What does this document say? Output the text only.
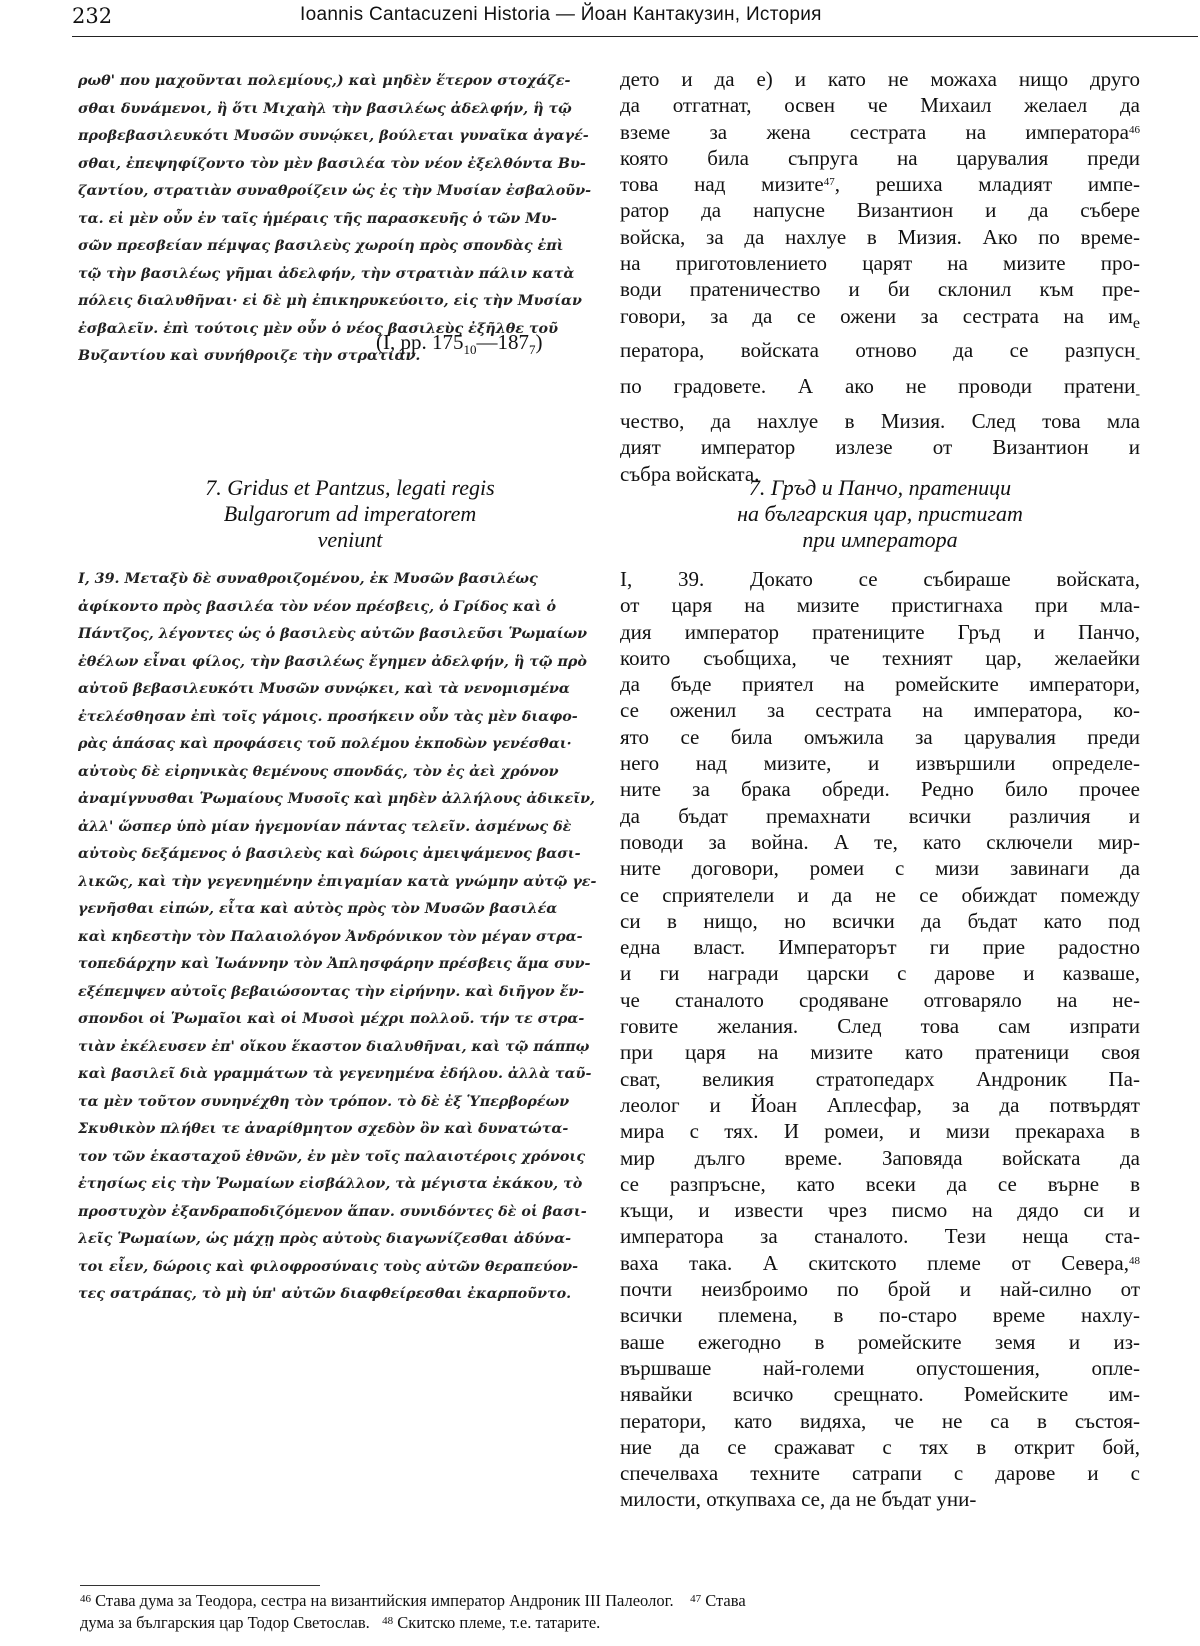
232	Ioannis Cantacuzeni Historia — Йоан Кантакузин, История
ρωθ' που μαχοῦνται πολεμίους,) καὶ μηδὲν ἕτερον στοχάζε-
σθαι δυνάμενοι, ἢ ὅτι Μιχαὴλ τὴν βασιλέως ἀδελφήν, ἣ τῷ
προβεβασιλευκότι Μυσῶν συνῴκει, βούλεται γυναῖκα ἀγαγέ-
σθαι, ἐπεψηφίζοντο τὸν μὲν βασιλέα τὸν νέον ἐξελθόντα Βυ-
ζαντίου, στρατιὰν συναθροίζειν ὡς ἐς τὴν Μυσίαν ἐσβαλοῦν-
τα. εἰ μὲν οὖν ἐν ταῖς ἡμέραις τῆς παρασκευῆς ὁ τῶν Μυ-
σῶν πρεσβείαν πέμψας βασιλεὺς χωροίη πρὸς σπονδὰς ἐπὶ
τῷ τὴν βασιλέως γῆμαι ἀδελφήν, τὴν στρατιὰν πάλιν κατὰ
πόλεις διαλυθῆναι· εἰ δὲ μὴ ἐπικηρυκεύοιτο, εἰς τὴν Μυσίαν
ἐσβαλεῖν. ἐπὶ τούτοις μὲν οὖν ὁ νέος βασιλεὺς ἐξῆλθε τοῦ
Βυζαντίου καὶ συνήθροιζε τὴν στρατιάν.
(I, pp. $175_{10}—187_7$)
дето и да е) и като не можаха нищо друго
да отгатнат, освен че Михаил желаел да
вземе за жена сестрата на императора$^{46}$
която била съпруга на царувалия преди
това над мизите$^{47}$, решиха младият импе-
ратор да напусне Византион и да събере
войска, за да нахлуе в Мизия. Ако по време-
на приготовлението царят на мизите про-
води пратеничество и би склонил към пре-
говори, за да се ожени за сестрата на $им_е$
ператора, войската отново да се разпусн$_-$
по градовете. А ако не проводи пратени$_-$
чество, да нахлуе в Мизия. След това мла
дият император излезе от Византион и
събра войската.
7. Gridus et Pantzus, legati regis
Bulgarorum ad imperatorem
veniunt
7. Гръд и Панчо, пратеници
на българския цар, пристигат
при императора
I, 39. Μεταξὺ δὲ συναθροιζομένου, ἐκ Μυσῶν βασιλέως
ἀφίκοντο πρὸς βασιλέα τὸν νέον πρέσβεις, ὁ Γρίδος καὶ ὁ
Πάντζος, λέγοντες ὡς ὁ βασιλεὺς αὐτῶν βασιλεῦσι Ῥωμαίων
ἐθέλων εἶναι φίλος, τὴν βασιλέως ἔγημεν ἀδελφήν, ἣ τῷ πρὸ
αὐτοῦ βεβασιλευκότι Μυσῶν συνῴκει, καὶ τὰ νενομισμένα
ἐτελέσθησαν ἐπὶ τοῖς γάμοις. προσήκειν οὖν τὰς μὲν διαφο-
ρὰς ἁπάσας καὶ προφάσεις τοῦ πολέμου ἐκποδὼν γενέσθαι·
αὐτοὺς δὲ εἰρηνικὰς θεμένους σπονδάς, τὸν ἐς ἀεὶ χρόνον
ἀναμίγνυσθαι Ῥωμαίους Μυσοῖς καὶ μηδὲν ἀλλήλους ἀδικεῖν,
ἀλλ' ὥσπερ ὑπὸ μίαν ἡγεμονίαν πάντας τελεῖν. ἀσμένως δὲ
αὐτοὺς δεξάμενος ὁ βασιλεὺς καὶ δώροις ἀμειψάμενος βασι-
λικῶς, καὶ τὴν γεγενημένην ἐπιγαμίαν κατὰ γνώμην αὐτῷ γε-
γενῆσθαι εἰπών, εἶτα καὶ αὐτὸς πρὸς τὸν Μυσῶν βασιλέα
καὶ κηδεστὴν τὸν Παλαιολόγον Ἀνδρόνικον τὸν μέγαν στρα-
τοπεδάρχην καὶ Ἰωάννην τὸν Ἀπλησφάρην πρέσβεις ἅμα συν-
εξέπεμψεν αὐτοῖς βεβαιώσοντας τὴν εἰρήνην. καὶ διῆγον ἔν-
σπονδοι οἱ Ῥωμαῖοι καὶ οἱ Μυσοὶ μέχρι πολλοῦ. τήν τε στρα-
τιὰν ἐκέλευσεν ἐπ' οἴκου ἕκαστον διαλυθῆναι, καὶ τῷ πάππῳ
καὶ βασιλεῖ διὰ γραμμάτων τὰ γεγενημένα ἐδήλου. ἀλλὰ ταῦ-
τα μὲν τοῦτον συνηνέχθη τὸν τρόπον. τὸ δὲ ἐξ Ὑπερβορέων
Σκυθικὸν πλήθει τε ἀναρίθμητον σχεδὸν ὂν καὶ δυνατώτα-
τον τῶν ἑκασταχοῦ ἐθνῶν, ἐν μὲν τοῖς παλαιοτέροις χρόνοις
ἐτησίως εἰς τὴν Ῥωμαίων εἰσβάλλον, τὰ μέγιστα ἐκάκου, τὸ
προστυχὸν ἐξανδραποδιζόμενον ἅπαν. συνιδόντες δὲ οἱ βασι-
λεῖς Ῥωμαίων, ὡς μάχῃ πρὸς αὐτοὺς διαγωνίζεσθαι ἀδύνα-
τοι εἶεν, δώροις καὶ φιλοφροσύναις τοὺς αὐτῶν θεραπεύον-
τες σατράπας, τὸ μὴ ὑπ' αὐτῶν διαφθείρεσθαι ἐκαρποῦντο.
I, 39. Докато се събираше войската,
от царя на мизите пристигнаха при мла-
дия император пратениците Гръд и Панчо,
които съобщиха, че техният цар, желаейки
да бъде приятел на ромейските императори,
се оженил за сестрата на императора, ко-
ято се била омъжила за царувалия преди
него над мизите, и извършили определе-
ните за брака обреди. Редно било прочее
да бъдат премахнати всички различия и
поводи за война. А те, като сключели мир-
ните договори, ромеи с мизи завинаги да
се сприятелели и да не се обиждат помежду
си в нищо, но всички да бъдат като под
една власт. Императорът ги прие радостно
и ги награди царски с дарове и казваше,
че станалото сродяване отговаряло на не-
говите желания. След това сам изпрати
при царя на мизите като пратеници своя
сват, великия стратопедарх Андроник Па-
леолог и Йоан Аплесфар, за да потвърдят
мира с тях. И ромеи, и мизи прекараха в
мир дълго време. Заповяда войската да
се разпръсне, като всеки да се върне в
къщи, и извести чрез писмо на дядо си и
императора за станалото. Тези неща ста-
ваха така. А скитското племе от Севера,$^{48}$
почти неизброимо по брой и най-силно от
всички племена, в по-старо време нахлу-
ваше ежегодно в ромейските земя и из-
вършваше най-големи опустошения, опле-
нявайки всичко срещнато. Ромейските им-
ператори, като видяха, че не са в състоя-
ние да се сражават с тях в открит бой,
спечелваха техните сатрапи с дарове и с
милости, откупваха се, да не бъдат уни-
$^{46}$ Става дума за Теодора, сестра на византийския император Андроник III Палеолог. $^{47}$ Става
дума за българския цар Тодор Светослав. $^{48}$ Скитско племе, т.е. татарите.
